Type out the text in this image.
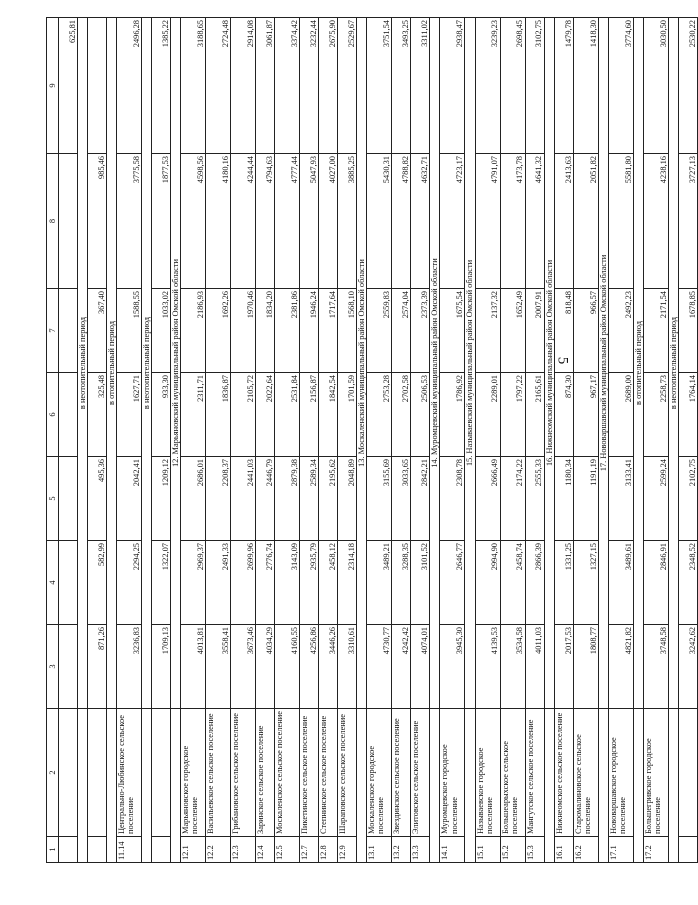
5
1	2	3	4	5	6	7	8	9
								625,81
		в неотопительный период						
		871,26	582,99	495,36	325,48	367,40	985,46	
		в отопительный период						
11.14	Центрально-Любинское сельское поселение	3236,83	2294,25	2042,41	1627,71	1588,55	3775,58	2496,28
		в неотопительный период						
		1709,13	1322,07	1209,12	933,30	1033,02	1877,53	1385,22
		12. Марьяновский муниципальный район Омской области						
12.1	Марьяновское городское поселение	4013,81	2969,37	2686,01	2311,71	2186,93	4598,56	3188,65
12.2	Васильевское сельское поселение	3558,41	2491,33	2208,37	1836,87	1692,26	4180,16	2724,48
12.3	Грибановское сельское поселение	3673,46	2699,96	2441,03	2105,72	1970,46	4244,44	2914,08
12.4	Заринское сельское поселение	4034,29	2776,74	2446,79	2022,64	1834,20	4794,63	3061,87
12.5	Москаленское сельское поселение	4160,55	3143,09	2879,38	2531,84	2381,86	4777,44	3374,42
12.7	Пикетинское сельское поселение	4256,86	2935,79	2589,34	2156,87	1946,24	5047,93	3232,44
12.8	Степнинское сельское поселение	3446,26	2458,12	2195,62	1842,54	1717,64	4027,00	2675,90
12.9	Шараповское сельское поселение	3310,61	2314,18	2048,89	1701,59	1568,10	3885,25	2529,67
		13. Москаленский муниципальный район Омской области						
13.1	Москаленское городское поселение	4730,77	3489,21	3155,69	2753,28	2559,83	5430,31	3751,54
13.2	Звездинское сельское поселение	4242,42	3288,35	3033,65	2702,58	2574,04	4788,82	3493,25
13.3	Элитовское сельское поселение	4074,01	3101,52	2842,21	2506,53	2373,39	4632,71	3311,02
		14. Муромцевский муниципальный район Омской области						
14.1	Муромцевское городское поселение	3945,30	2646,77	2308,78	1786,92	1675,54	4723,17	2938,47
		15. Называевский муниципальный район Омской области						
15.1	Называевское городское поселение	4139,53	2994,90	2666,49	2289,01	2137,32	4791,07	3239,23
15.2	Большеарыхское сельское поселение	3534,58	2458,74	2174,22	1797,22	1652,49	4173,78	2698,45
15.3	Мангутское сельское поселение	4011,03	2866,39	2555,33	2165,61	2007,91	4641,32	3102,75
		16. Нижнеомский муниципальный район Омской области						
16.1	Нижнеомское сельское поселение	2017,53	1331,25	1180,34	874,30	818,48	2413,63	1479,78
16.2	Старомалиновское сельское поселение	1808,77	1327,15	1191,19	967,17	966,57	2051,82	1418,30
		17. Нововаршавский муниципальный район Омской области						
17.1	Нововаршавское городское поселение	4821,82	3489,61	3133,41	2689,00	2492,23	5581,80	3774,60
		в отопительный период						
17.2	Большегривское городское поселение	3748,58	2846,91	2599,24	2258,73	2171,54	4238,16	3030,50
		в неотопительный период						
		3242,62	2348,52	2102,75	1764,14	1678,85	3727,13	2530,22
